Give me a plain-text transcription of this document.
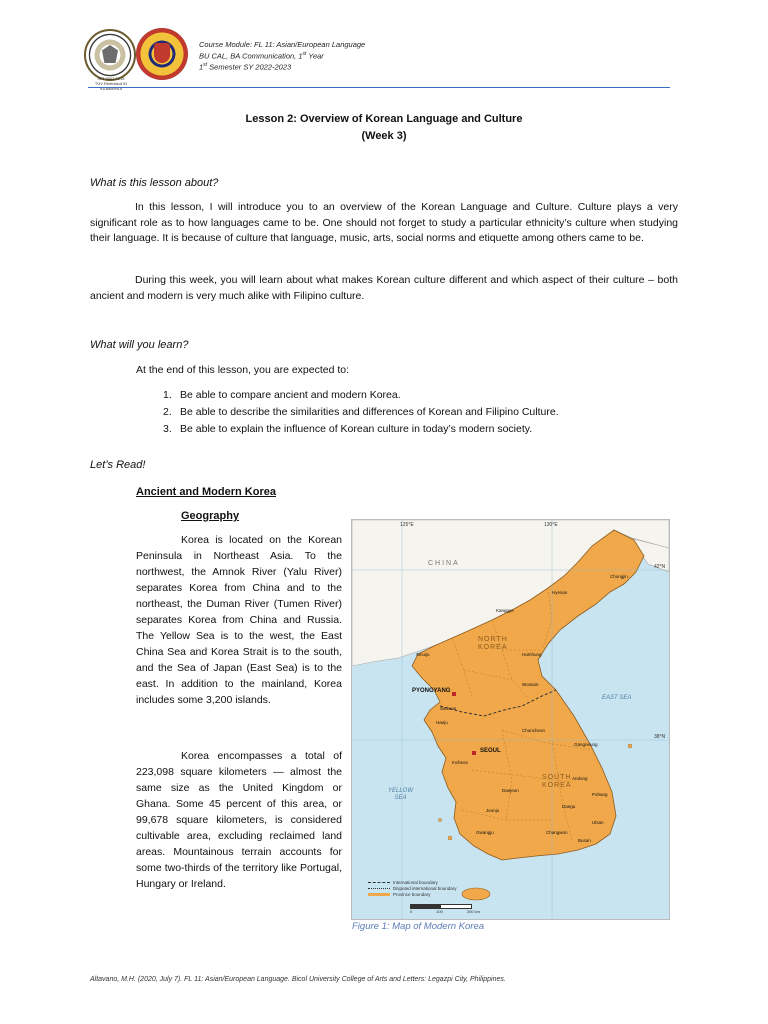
ISO 9001:2015
TÜV Rheinland ID 9108659915
Course Module: FL 11: Asian/European Language
BU CAL, BA Communication, 1st Year
1st Semester SY 2022-2023
Lesson 2: Overview of Korean Language and Culture
(Week 3)
What is this lesson about?
In this lesson, I will introduce you to an overview of the Korean Language and Culture. Culture plays a very significant role as to how languages came to be. One should not forget to study a particular ethnicity’s culture when studying their language. It is because of culture that language, music, arts, social norms and etiquette among others came to be.
During this week, you will learn about what makes Korean culture different and which aspect of their culture – both ancient and modern is very much alike with Filipino culture.
What will you learn?
At the end of this lesson, you are expected to:
1. Be able to compare ancient and modern Korea.
2. Be able to describe the similarities and differences of Korean and Filipino Culture.
3. Be able to explain the influence of Korean culture in today’s modern society.
Let’s Read!
Ancient and Modern Korea
Geography
Korea is located on the Korean Peninsula in Northeast Asia. To the northwest, the Amnok River (Yalu River) separates Korea from China and to the northeast, the Duman River (Tumen River) separates Korea from China and Russia. The Yellow Sea is to the west, the East China Sea and Korea Strait is to the south, and the Sea of Japan (East Sea) is to the east. In addition to the mainland, Korea includes some 3,200 islands.
Korea encompasses a total of 223,098 square kilometers — almost the same size as the United Kingdom or Ghana. Some 45 percent of this area, or 99,678 square kilometers, is considered cultivable area, excluding reclaimed land areas. Mountainous terrain accounts for some two-thirds of the territory like Portugal, Hungary or Ireland.
125°E	130°E
42°N
38°N
CHINA
NORTH
KOREA
SOUTH
KOREA
EAST SEA
YELLOW
SEA
PYONGYANG
SEOUL
Hyesan
Chongjin
Kanggye
Hamhung
Wonsan
Sinuiju
Haeju
Chuncheon
Daejeon
Daegu
Gwangju
Busan
Ulsan
Jeonju
Andong
Pohang
Changwon
Sariwon
Incheon
Gangneung
International boundary
Disputed international boundary
Province boundary
0	100	200 km
Figure 1: Map of Modern Korea
Altavano, M.H. (2020, July 7). FL 11: Asian/European Language. Bicol University College of Arts and Letters: Legazpi City, Philippines.
